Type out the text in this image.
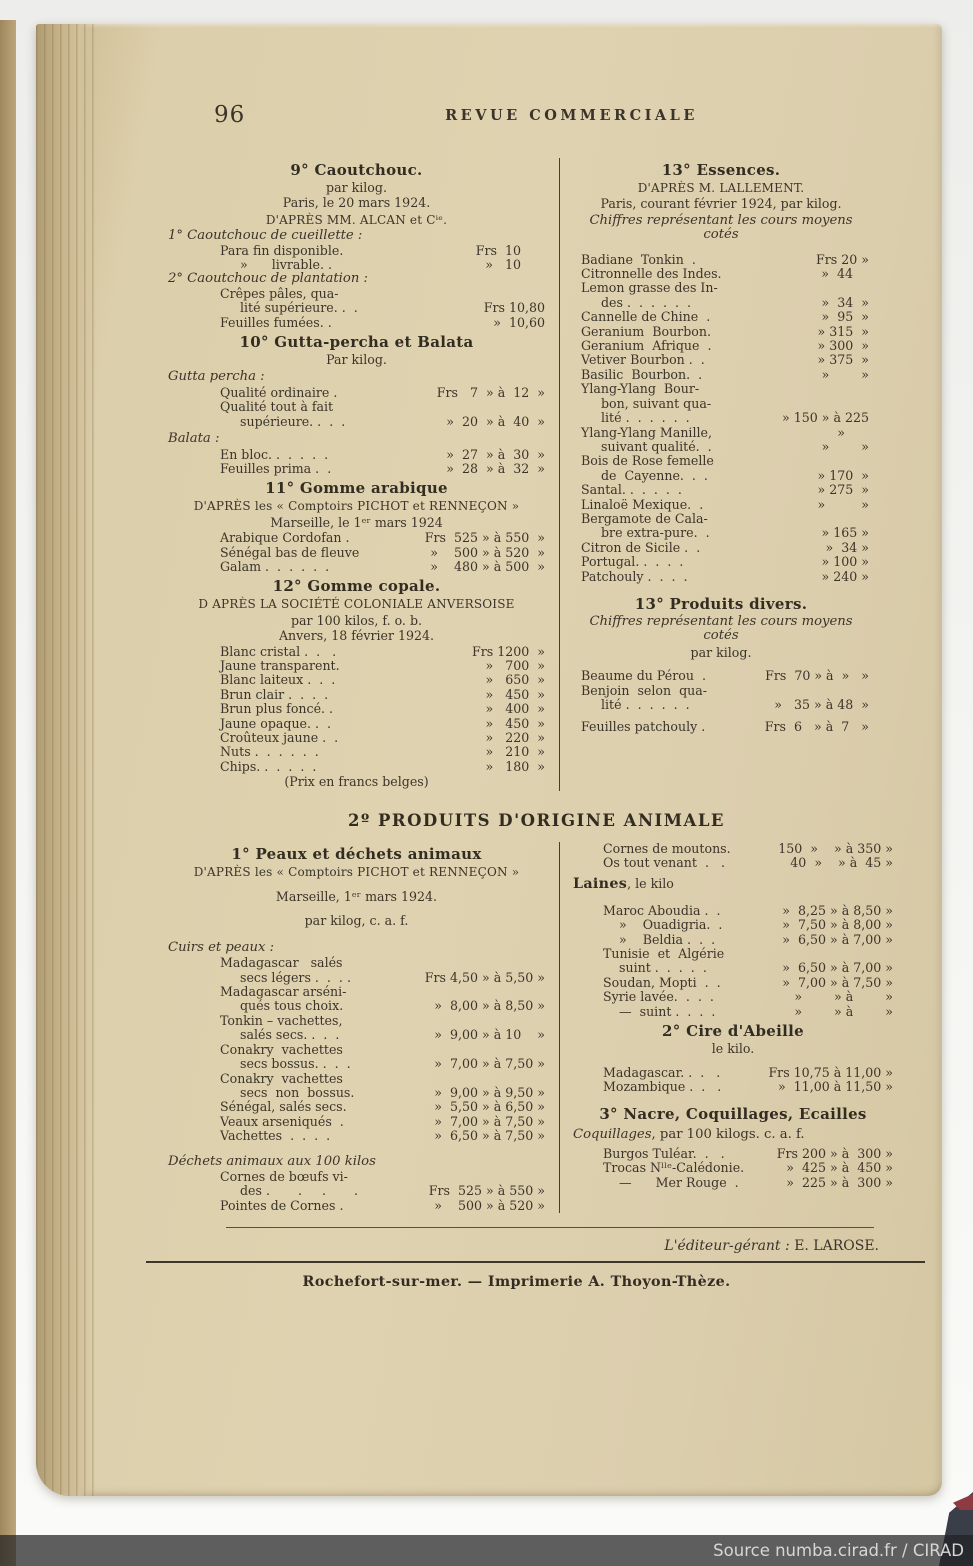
96	REVUE COMMERCIALE
9° Caoutchouc.
par kilog.
Paris, le 20 mars 1924.
D'APRÈS MM. ALCAN et Cⁱᵉ.
1° Caoutchouc de cueillette :
Para fin disponible.	Frs  10
»      livrable. .	»   10
2° Caoutchouc de plantation :
Crêpes pâles, qua-
lité supérieure. .  .	Frs 10,80
Feuilles fumées. .	»  10,60
10° Gutta-percha et Balata
Par kilog.
Gutta percha :
Qualité ordinaire .	Frs   7  » à  12  »
Qualité tout à fait
supérieure. .  .  .	»  20  » à  40  »
Balata :
En bloc. .  .  .  .  .	»  27  » à  30  »
Feuilles prima .  .	»  28  » à  32  »
11° Gomme arabique
D'APRÈS les « Comptoirs PICHOT et RENNEÇON »
Marseille, le 1ᵉʳ mars 1924
Arabique Cordofan .	Frs  525 » à 550  »
Sénégal bas de fleuve	»    500 » à 520  »
Galam .  .  .  .  .  .	»    480 » à 500  »
12° Gomme copale.
D APRÈS LA SOCIÉTÉ COLONIALE ANVERSOISE
par 100 kilos, f. o. b.
Anvers, 18 février 1924.
Blanc cristal .  .   .	Frs 1200  »
Jaune transparent.	»   700  »
Blanc laiteux .  .  .	»   650  »
Brun clair .  .  .  .	»   450  »
Brun plus foncé. .	»   400  »
Jaune opaque. .  .	»   450  »
Croûteux jaune .  .	»   220  »
Nuts .  .  .  .  .  .	»   210  »
Chips. .  .  .  .  .	»   180  »
(Prix en francs belges)
13° Essences.
D'APRÈS M. LALLEMENT.
Paris, courant février 1924, par kilog.
Chiffres représentant les cours moyens cotés
Badiane  Tonkin  .	Frs 20 »
Citronnelle des Indes.	»  44
Lemon grasse des In-
des .  .  .  .  .  .	»  34  »
Cannelle de Chine  .	»  95  »
Geranium  Bourbon.	» 315  »
Geranium  Afrique  .	» 300  »
Vetiver Bourbon .  .	» 375  »
Basilic  Bourbon.  .	»        »
Ylang-Ylang  Bour-
bon, suivant qua-
lité .  .  .  .  .  .	» 150 » à 225
Ylang-Ylang Manille,	»
suivant qualité.  .	»        »
Bois de Rose femelle
de  Cayenne.  .  .	» 170  »
Santal. .  .  .  .  .	» 275  »
Linaloë Mexique.  .	»         »
Bergamote de Cala-
bre extra-pure.  .	» 165 »
Citron de Sicile .  .	»  34 »
Portugal. .  .  .  .	» 100 »
Patchouly .  .  .  .	» 240 »
13° Produits divers.
Chiffres représentant les cours moyens cotés
par kilog.
Beaume du Pérou  .	Frs  70 » à  »   »
Benjoin  selon  qua-
lité .  .  .  .  .  .	»   35 » à 48  »
Feuilles patchouly .	Frs  6   » à  7   »
2º PRODUITS D'ORIGINE ANIMALE
1° Peaux et déchets animaux
D'APRÈS les « Comptoirs PICHOT et RENNEÇON »
Marseille, 1ᵉʳ mars 1924.
par kilog, c. a. f.
Cuirs et peaux :
Madagascar   salés
secs légers .  .  . .	Frs 4,50 » à 5,50 »
Madagascar arséni-
qués tous choix.	»  8,00 » à 8,50 »
Tonkin – vachettes,
salés secs. .  .  .	»  9,00 » à 10    »
Conakry  vachettes
secs bossus. .  .  .	»  7,00 » à 7,50 »
Conakry  vachettes
secs  non  bossus.	»  9,00 » à 9,50 »
Sénégal, salés secs.	»  5,50 » à 6,50 »
Veaux arseniqués  .	»  7,00 » à 7,50 »
Vachettes  .  .  .  .	»  6,50 » à 7,50 »
Déchets animaux aux 100 kilos
Cornes de bœufs vi-
des .       .     .       .	Frs  525 » à 550 »
Pointes de Cornes .	»    500 » à 520 »
Cornes de moutons.	150  »    » à 350 »
Os tout venant  .   .	40  »    » à  45 »
Laines, le kilo
Maroc Aboudia .  .	»  8,25 » à 8,50 »
»    Ouadigria.  .	»  7,50 » à 8,00 »
»    Beldia .  .  .	»  6,50 » à 7,00 »
Tunisie  et  Algérie
suint .  .  .  .  .	»  6,50 » à 7,00 »
Soudan, Mopti  .  .	»  7,00 » à 7,50 »
Syrie lavée.  .  .  .	»        » à        »
—  suint .  .  .  .	»        » à        »
2° Cire d'Abeille
le kilo.
Madagascar. .  .   .	Frs 10,75 à 11,00 »
Mozambique .  .   .	»  11,00 à 11,50 »
3° Nacre, Coquillages, Ecailles
Coquillages, par 100 kilogs. c. a. f.
Burgos Tuléar.  .   .	Frs 200 » à  300 »
Trocas Nˡˡᵉ-Calédonie.	»  425 » à  450 »
—      Mer Rouge  .	»  225 » à  300 »
L'éditeur-gérant : E. LAROSE.
Rochefort-sur-mer. — Imprimerie A. Thoyon-Thèze.
Source numba.cirad.fr / CIRAD
